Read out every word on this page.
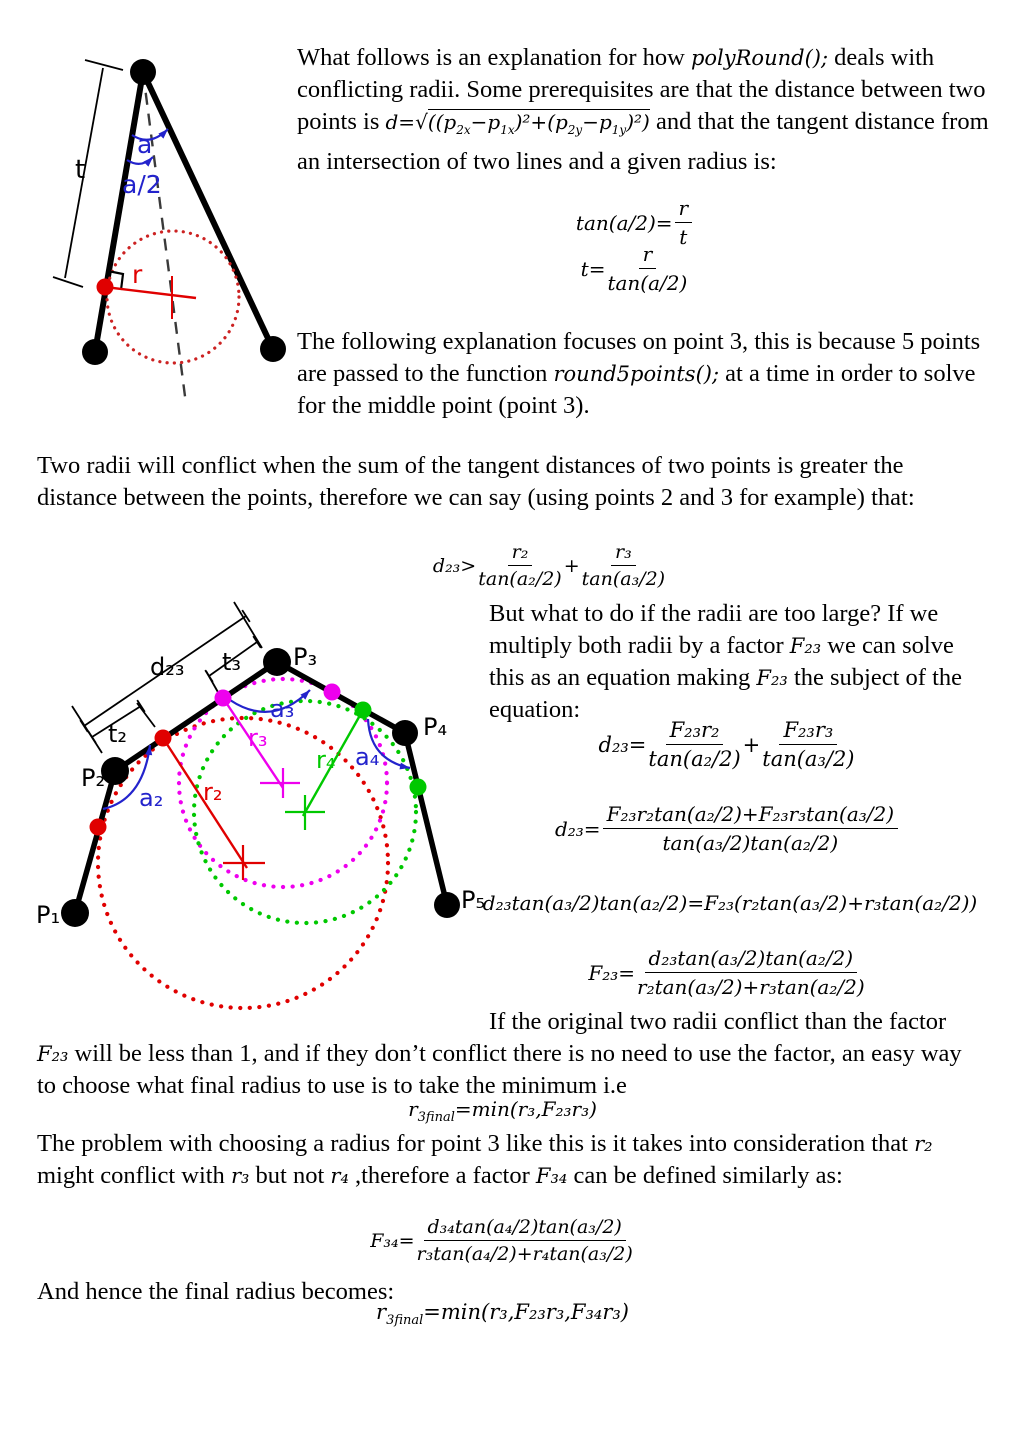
t
a
a/2
r
What follows is an explanation for how polyRound(); deals with conflicting radii. Some prerequisites are that the distance between two points is $d=√((p_{2x}-p_{1x})^2+(p_{2y}-p_{1y})^2)$ and that the tangent distance from an intersection of two lines and a given radius is:
$\tan(a/2)= \frac{r}{t}$
$t= \frac{r}{\tan(a/2)}$
The following explanation focuses on point 3, this is because 5 points are passed to the function round5points(); at a time in order to solve for the middle point (point 3).
Two radii will conflict when the sum of the tangent distances of two points is greater the distance between the points, therefore we can say (using points 2 and 3 for example) that:
$d_{23}> \frac{\text{r₂}}{\text{tan(a₂/2)}} + \frac{\text{r₃}}{\text{tan(a₃/2)}}$
d₂₃ t₃
t₂
a₂
a₃
a₄
r₂
r₃
r₄
P₁
P₂
P₃
P₄
P₅
But what to do if the radii are too large? If we multiply both radii by a factor F₂₃ we can solve this as an equation making F₂₃ the subject of the equation:
$d_{23}= \frac{\text{F₂₃r₂}}{\text{tan(a₂/2)}} + \frac{\text{F₂₃r₃}}{\text{tan(a₃/2)}}$
$d_{23}= \frac{\text{F₂₃r₂tan(a₂/2)+F₂₃r₃tan(a₃/2)}}{\text{tan(a₃/2)tan(a₂/2)}}$
d₂₃tan(a₃/2)tan(a₂/2)=F₂₃(r₂tan(a₃/2)+r₃tan(a₂/2))
$F_{23}= \frac{\text{d₂₃tan(a₃/2)tan(a₂/2)}}{\text{r₂tan(a₃/2)+r₃tan(a₂/2)}}$
If the original two radii conflict than the factor F₂₃ will be less than 1, and if they don’t conflict there is no need to use the factor, an easy way to choose what final radius to use is to take the minimum i.e
$r_{3final}=\min(r_3,F_{23}r_3)$
The problem with choosing a radius for point 3 like this is it takes into consideration that r₂ might conflict with r₃ but not r₄ ,therefore a factor F₃₄ can be defined similarly as:
$F_{34}= \frac{\text{d₃₄tan(a₄/2)tan(a₃/2)}}{\text{r₃tan(a₄/2)+r₄tan(a₃/2)}}$
And hence the final radius becomes:
$r_{3final}=\min(r_3,F_{23}r_3,F_{34}r_3)$
